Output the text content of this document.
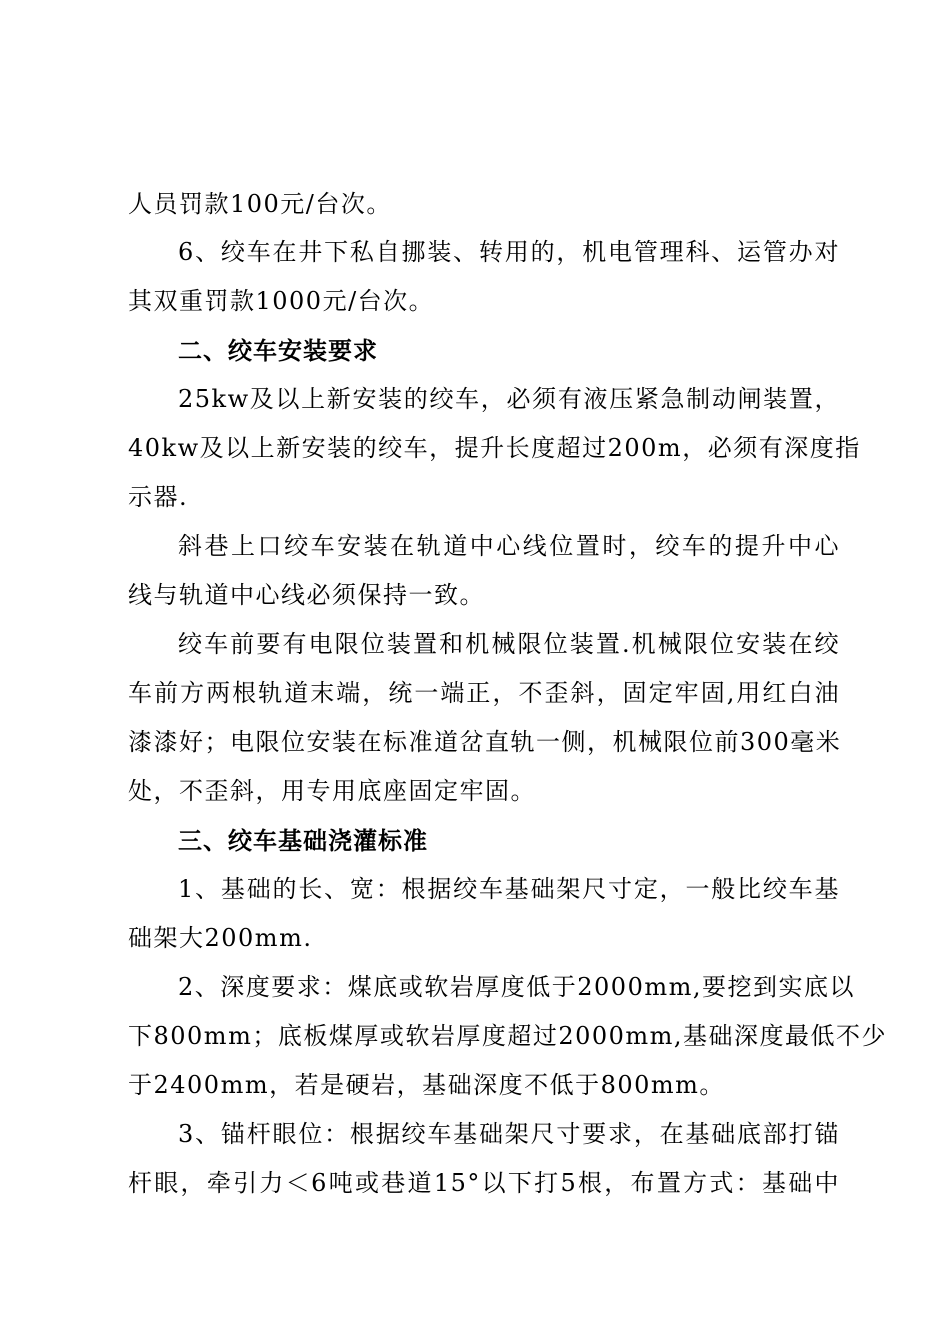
人员罚款100元/台次。
6、绞车在井下私自挪装、转用的，机电管理科、运管办对
其双重罚款1000元/台次。
二、绞车安装要求
25kw及以上新安装的绞车，必须有液压紧急制动闸装置，
40kw及以上新安装的绞车，提升长度超过200m，必须有深度指
示器.
斜巷上口绞车安装在轨道中心线位置时，绞车的提升中心
线与轨道中心线必须保持一致。
绞车前要有电限位装置和机械限位装置.机械限位安装在绞
车前方两根轨道末端，统一端正，不歪斜，固定牢固,用红白油
漆漆好；电限位安装在标准道岔直轨一侧，机械限位前300毫米
处，不歪斜，用专用底座固定牢固。
三、绞车基础浇灌标准
1、基础的长、宽：根据绞车基础架尺寸定，一般比绞车基
础架大200mm.
2、深度要求：煤底或软岩厚度低于2000mm,要挖到实底以
下800mm；底板煤厚或软岩厚度超过2000mm,基础深度最低不少
于2400mm，若是硬岩，基础深度不低于800mm。
3、锚杆眼位：根据绞车基础架尺寸要求，在基础底部打锚
杆眼，牵引力＜6吨或巷道15°以下打5根，布置方式：基础中
